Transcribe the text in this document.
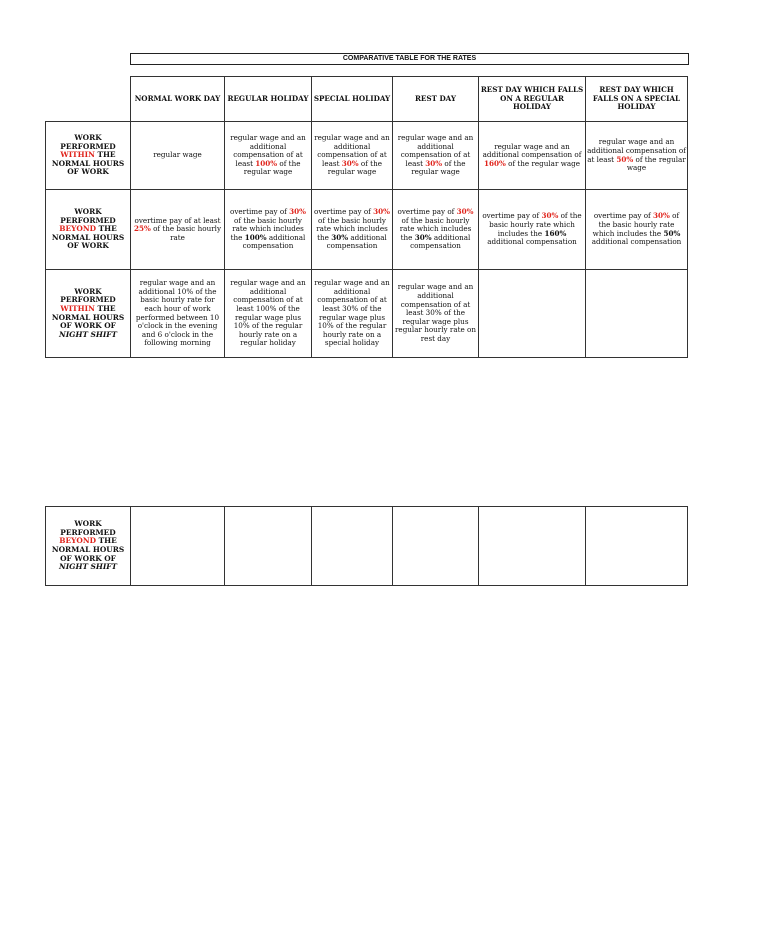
COMPARATIVE TABLE FOR THE RATES
	NORMAL WORK DAY	REGULAR HOLIDAY	SPECIAL HOLIDAY	REST DAY	REST DAY WHICH FALLS ON A REGULAR HOLIDAY	REST DAY WHICH FALLS ON A SPECIAL HOLIDAY
WORK PERFORMED
WITHIN THE NORMAL HOURS OF WORK	regular wage	regular wage and an additional compensation of at least 100% of the regular wage	regular wage and an additional compensation of at least 30% of the regular wage	regular wage and an additional compensation of at least 30% of the regular wage	regular wage and an additional compensation of 160% of the regular wage	regular wage and an additional compensation of at least 50% of the regular wage
WORK PERFORMED
BEYOND THE NORMAL HOURS OF WORK	overtime pay of at least 25% of the basic hourly rate	overtime pay of 30% of the basic hourly rate which includes the 100% additional compensation	overtime pay of 30% of the basic hourly rate which includes the 30% additional compensation	overtime pay of 30% of the basic hourly rate which includes the 30% additional compensation	overtime pay of 30% of the basic hourly rate which includes the 160% additional compensation	overtime pay of 30% of the basic hourly rate which includes the 50% additional compensation
WORK PERFORMED
WITHIN THE NORMAL HOURS OF WORK OF NIGHT SHIFT	regular wage and an additional 10% of the basic hourly rate for each hour of work performed between 10 o'clock in the evening and 6 o'clock in the following morning	regular wage and an additional compensation of at least 100% of the regular wage plus 10% of the regular hourly rate on a regular holiday	regular wage and an additional compensation of at least 30% of the regular wage plus 10% of the regular hourly rate on a special holiday	regular wage and an additional compensation of at least 30% of the regular wage plus regular hourly rate on rest day		
WORK PERFORMED
BEYOND THE NORMAL HOURS OF WORK OF NIGHT SHIFT						
